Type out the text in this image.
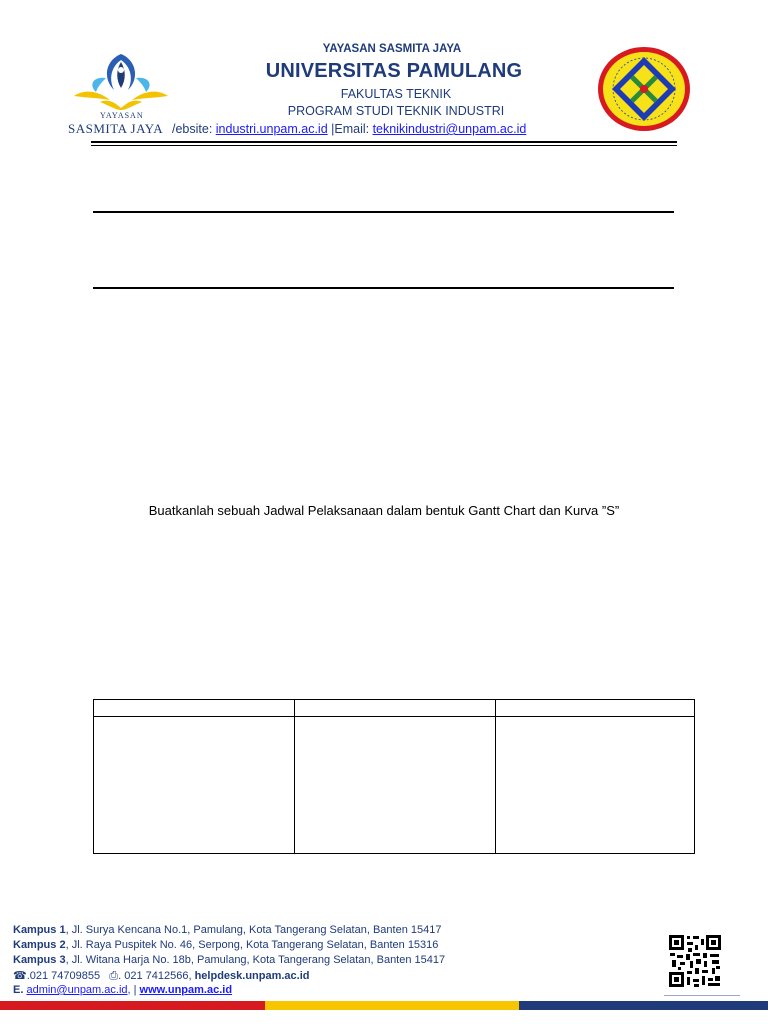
YAYASAN
SASMITA JAYA
YAYASAN SASMITA JAYA
UNIVERSITAS PAMULANG
FAKULTAS TEKNIK
PROGRAM STUDI TEKNIK INDUSTRI
/ebsite: industri.unpam.ac.id |Email: teknikindustri@unpam.ac.id
Buatkanlah sebuah Jadwal Pelaksanaan dalam bentuk Gantt Chart dan Kurva ”S”
Kampus 1, Jl. Surya Kencana No.1, Pamulang, Kota Tangerang Selatan, Banten 15417
Kampus 2, Jl. Raya Puspitek No. 46, Serpong, Kota Tangerang Selatan, Banten 15316
Kampus 3, Jl. Witana Harja No. 18b, Pamulang, Kota Tangerang Selatan, Banten 15417
☎.021 74709855 ⎙. 021 7412566, helpdesk.unpam.ac.id
E. admin@unpam.ac.id, | www.unpam.ac.id
